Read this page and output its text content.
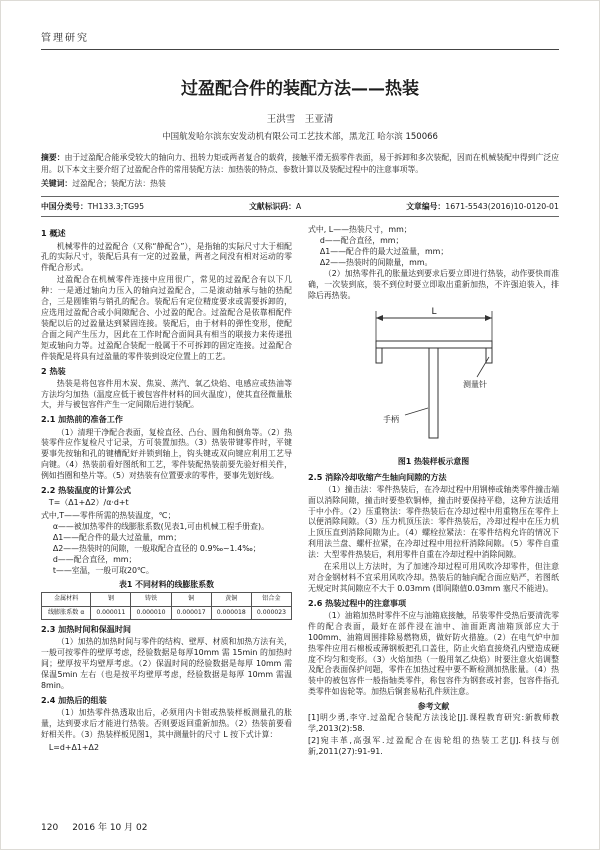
管理研究
过盈配合件的装配方法——热装
王洪雪　王亚清
中国航发哈尔滨东安发动机有限公司工艺技术部，黑龙江 哈尔滨 150066

摘要：由于过盈配合能承受较大的轴向力、扭转力矩或两者复合的载荷，接触平滑无损零件表面，易于拆卸和多次装配，因而在机械装配中得到广泛应用。以下本文主要介绍了过盈配合件的常用装配方法：加热装的特点、参数计算以及装配过程中的注意事项等。

关键词：过盈配合；装配方法：热装

中国分类号：TH133.3;TG95	文献标识码：A	文章编号：1671-5543(2016)10-0120-01
1 概述

机械零件的过盈配合（又称“静配合”），是指轴的实际尺寸大于相配孔的实际尺寸，装配后具有一定的过盈量，两者之间没有相对运动的零件配合形式。

过盈配合在机械零件连接中应用很广，常见的过盈配合有以下几种：一是通过轴向力压入的轴向过盈配合，二是滚动轴承与轴的热配合，三是圆锥销与销孔的配合。装配后有定位精度要求或需要拆卸的，应选用过盈配合或小间隙配合、小过盈的配合。过盈配合是依靠相配件装配以后的过盈量达到紧固连接。装配后，由于材料的弹性变形，使配合面之间产生压力，因此在工作时配合面间具有相当的联接力来传递扭矩或轴向力等。过盈配合装配一般属于不可拆卸的固定连接。过盈配合件装配是将具有过盈量的零件装到设定位置上的工艺。

2 热装

热装是将包容件用木炭、焦炭、蒸汽、氧乙炔焰、电感应或热油等方法均匀加热（温度应低于被包容件材料的回火温度），使其直径微量胀大，并与被包容件产生一定间隙后进行装配。

2.1 加热前的准备工作

（1）清理干净配合表面，复检直径、凸台、圆角和倒角等。（2）热装零件应作复检尺寸记录，方可装置加热。（3）热装带键零件时，平键要事先按轴和孔的键槽配好并锁到轴上，钩头键或双向键应利用工艺导向键。（4）热装前看好图纸和工艺，零件装配热装前要先验好相关件，例如挡圈和垫片等。（5）对热装有位置要求的零件，要事先划好线。

2.2 热装温度的计算公式
T=（Δ1+Δ2）/α·d+t
式中,T——零件所需的热装温度，℃；
α——被加热零件的线膨胀系数(见表1,可由机械工程手册查)。
Δ1——配合件的最大过盈量，mm；
Δ2——热装时的间隙，一般取配合直径的 0.9‰~1.4‰；
d——配合直径，mm；
t——室温，一般可取20℃。
表1 不同材料的线膨胀系数
金属材料	钢	铸铁	铜	黄铜	铝合金
线膨胀系数 α	0.000011	0.000010	0.000017	0.000018	0.000023
2.3 加热时间和保温时间

（1）加热的加热时间与零件的结构、壁厚、材质和加热方法有关，一般可按零件的壁厚考虑，经验数据是每厚10mm 需 15min 的加热时间；壁厚按平均壁厚考虑。（2）保温时间的经验数据是每厚 10mm 需保温5min 左右（也是按平均壁厚考虑，经验数据是每厚 10mm 需温8min。

2.4 加热后的组装

（1）加热零件热透取出后，必须用内卡钳或热装样板测量孔的胀量，达到要求后才能进行热装。否则要返回重新加热。（2）热装前要看好相关件。（3）热装样板见图1，其中测量针的尺寸 L 按下式计算：

L=d+Δ1+Δ2
式中, L——热装尺寸，mm；
d——配合直径，mm；
Δ1——配合件的最大过盈量，mm；
Δ2——热装时的间隙量，mm。

（2）加热零件孔的胀量达到要求后要立即进行热装，动作要快而准确，一次装到底，装不到位时要立即取出重新加热，不许强迫装入，排除后再热装。

L
测量针
手柄
图1 热装样板示意图
2.5 消除冷却收缩产生轴向间隙的方法

（1）撞击法：零件热装后，在冷却过程中用钢棒或轴类零件撞击端面以消除间隙，撞击时要垫软铜棒，撞击时要保持平稳，这种方法适用于中小件。（2）压重物法：零件热装后在冷却过程中用重物压在零件上以便消除间隙。（3）压力机顶压法：零件热装后，冷却过程中在压力机上顶压直到消除间隙为止。（4）螺栓拉紧法：在零件结构允许的情况下利用法兰盘、螺杆拉紧，在冷却过程中用拉杆消除间隙。（5）零件自重法：大型零件热装后，利用零件自重在冷却过程中消除间隙。

在采用以上方法时，为了加速冷却过程可用风吹冷却零件，但注意对合金钢材料不宜采用风吹冷却。热装后的轴向配合面应贴严，若图纸无规定时其间隙应不大于 0.03mm (即间隙值0.03mm 塞尺不能进)。

2.6 热装过程中的注意事项

（1）油箱加热时零件不应与油箱底接触，吊装零件受热后要清洗零件的配合表面，最好在部件浸在油中、油面距离油箱顶部应大于 100mm、油箱周围排除易燃物质，做好防火措施。（2）在电气炉中加热零件应用石棉板或薄钢板把孔口盖住，防止火焰直接烧孔内壁造成硬度不均匀和变形。（3）火焰加热（一般用氧乙炔焰）时要注意火焰调整及配合表面保护问题，零件在加热过程中要不断检测加热胀量。（4）热装中的被包容件一般指轴类零件，称包容件为钢套或衬套，包容件指孔类零件如齿轮等。加热后铜套易粘孔件须注意。

参考文献

[1]明少勇,李守.过盈配合装配方法浅论[J].课程教育研究:新教师教学,2013(2):58.

[2]宛丰革,高强军.过盈配合在齿轮组的热装工艺[J].科技与创新,2011(27):91-91.

120 2016 年 10 月 02
